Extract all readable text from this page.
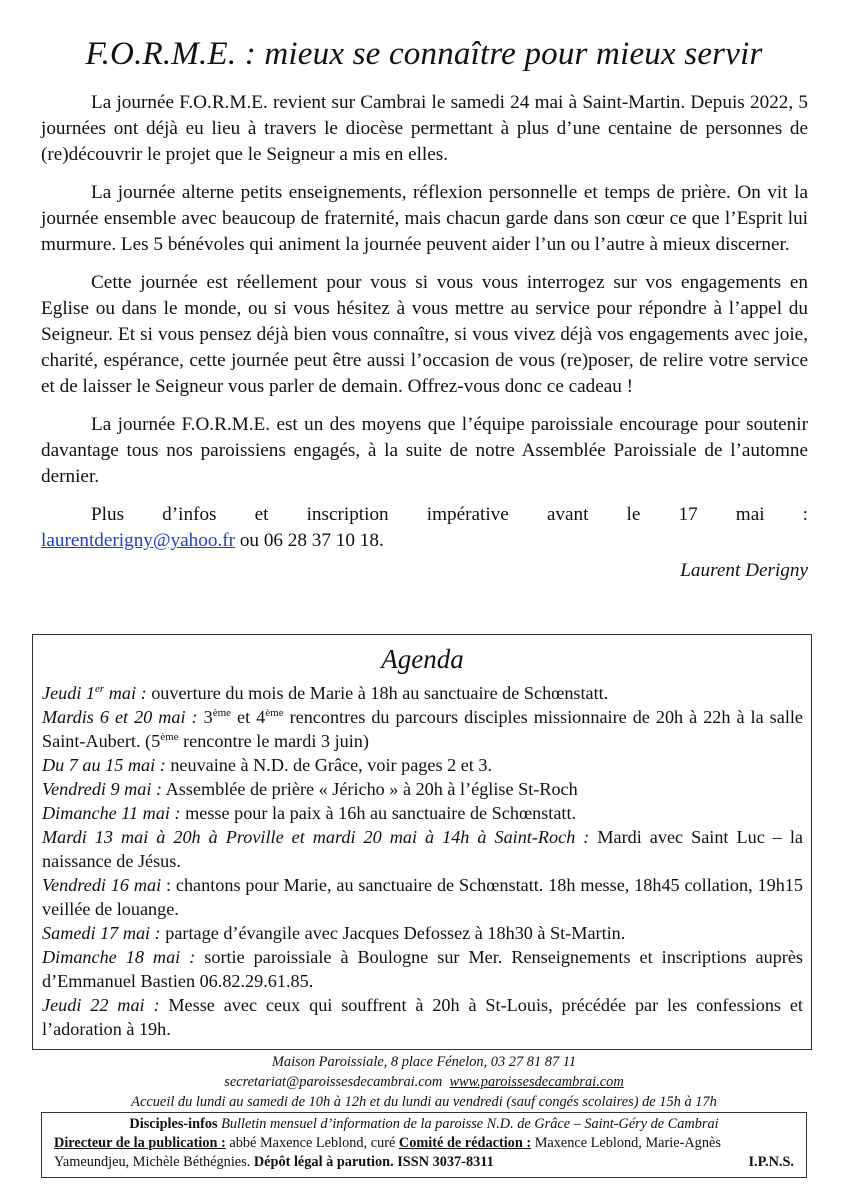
F.O.R.M.E. : mieux se connaître pour mieux servir

La journée F.O.R.M.E. revient sur Cambrai le samedi 24 mai à Saint-Martin. Depuis 2022, 5 journées ont déjà eu lieu à travers le diocèse permettant à plus d’une centaine de personnes de (re)découvrir le projet que le Seigneur a mis en elles.

La journée alterne petits enseignements, réflexion personnelle et temps de prière. On vit la journée ensemble avec beaucoup de fraternité, mais chacun garde dans son cœur ce que l’Esprit lui murmure. Les 5 bénévoles qui animent la journée peuvent aider l’un ou l’autre à mieux discerner.

Cette journée est réellement pour vous si vous vous interrogez sur vos engagements en Eglise ou dans le monde, ou si vous hésitez à vous mettre au service pour répondre à l’appel du Seigneur. Et si vous pensez déjà bien vous connaître, si vous vivez déjà vos engagements avec joie, charité, espérance, cette journée peut être aussi l’occasion de vous (re)poser, de relire votre service et de laisser le Seigneur vous parler de demain. Offrez-vous donc ce cadeau !

La journée F.O.R.M.E. est un des moyens que l’équipe paroissiale encourage pour soutenir davantage tous nos paroissiens engagés, à la suite de notre Assemblée Paroissiale de l’automne dernier.

Plus d’infos et inscription impérative avant le 17 mai :

laurentderigny@yahoo.fr ou 06 28 37 10 18.

Laurent Derigny
Agenda
Jeudi 1er mai : ouverture du mois de Marie à 18h au sanctuaire de Schœnstatt.
Mardis 6 et 20 mai : 3ème et 4ème rencontres du parcours disciples missionnaire de 20h à 22h à la salle Saint-Aubert. (5ème rencontre le mardi 3 juin)
Du 7 au 15 mai : neuvaine à N.D. de Grâce, voir pages 2 et 3.
Vendredi 9 mai : Assemblée de prière « Jéricho » à 20h à l’église St-Roch
Dimanche 11 mai : messe pour la paix à 16h au sanctuaire de Schœnstatt.
Mardi 13 mai à 20h à Proville et mardi 20 mai à 14h à Saint-Roch : Mardi avec Saint Luc – la naissance de Jésus.
Vendredi 16 mai : chantons pour Marie, au sanctuaire de Schœnstatt. 18h messe, 18h45 collation, 19h15 veillée de louange.
Samedi 17 mai : partage d’évangile avec Jacques Defossez à 18h30 à St-Martin.
Dimanche 18 mai : sortie paroissiale à Boulogne sur Mer. Renseignements et inscriptions auprès d’Emmanuel Bastien 06.82.29.61.85.
Jeudi 22 mai : Messe avec ceux qui souffrent à 20h à St-Louis, précédée par les confessions et l’adoration à 19h.
Maison Paroissiale, 8 place Fénelon, 03 27 81 87 11
secretariat@paroissesdecambrai.com www.paroissesdecambrai.com
Accueil du lundi au samedi de 10h à 12h et du lundi au vendredi (sauf congés scolaires) de 15h à 17h
Disciples-infos Bulletin mensuel d’information de la paroisse N.D. de Grâce – Saint-Géry de Cambrai
Directeur de la publication : abbé Maxence Leblond, curé Comité de rédaction : Maxence Leblond, Marie-Agnès
Yameundjeu, Michèle Béthégnies. Dépôt légal à parution. ISSN 3037-8311	I.P.N.S.
